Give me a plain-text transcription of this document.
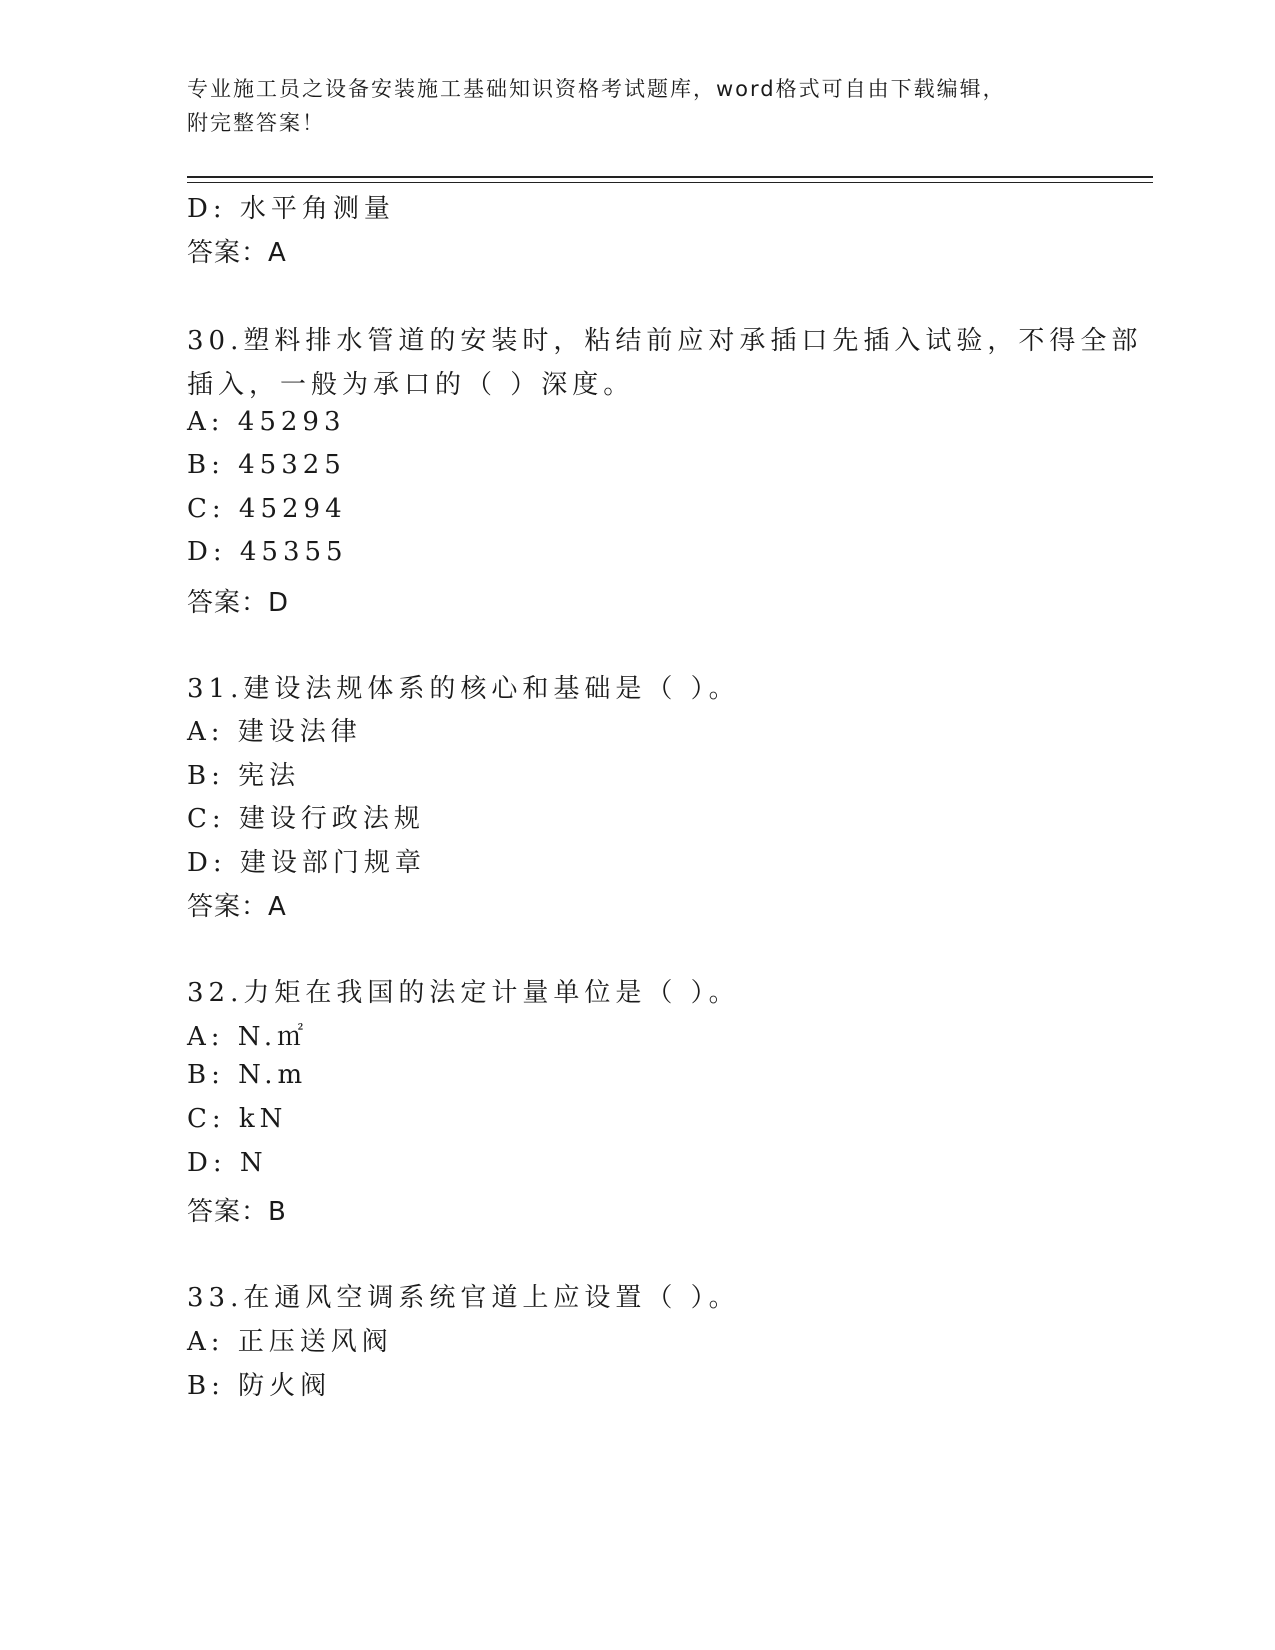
专业施工员之设备安装施工基础知识资格考试题库，word格式可自由下载编辑，
附完整答案！
D: 水平角测量
答案：A
30.塑料排水管道的安装时，粘结前应对承插口先插入试验，不得全部
插入，一般为承口的（ ）深度。
A: 45293
B: 45325
C: 45294
D: 45355
答案：D
31.建设法规体系的核心和基础是（ ）。
A: 建设法律
B: 宪法
C: 建设行政法规
D: 建设部门规章
答案：A
32.力矩在我国的法定计量单位是（ ）。
A: N.㎡
B: N.m
C: kN
D: N
答案：B
33.在通风空调系统官道上应设置（ ）。
A: 正压送风阀
B: 防火阀
